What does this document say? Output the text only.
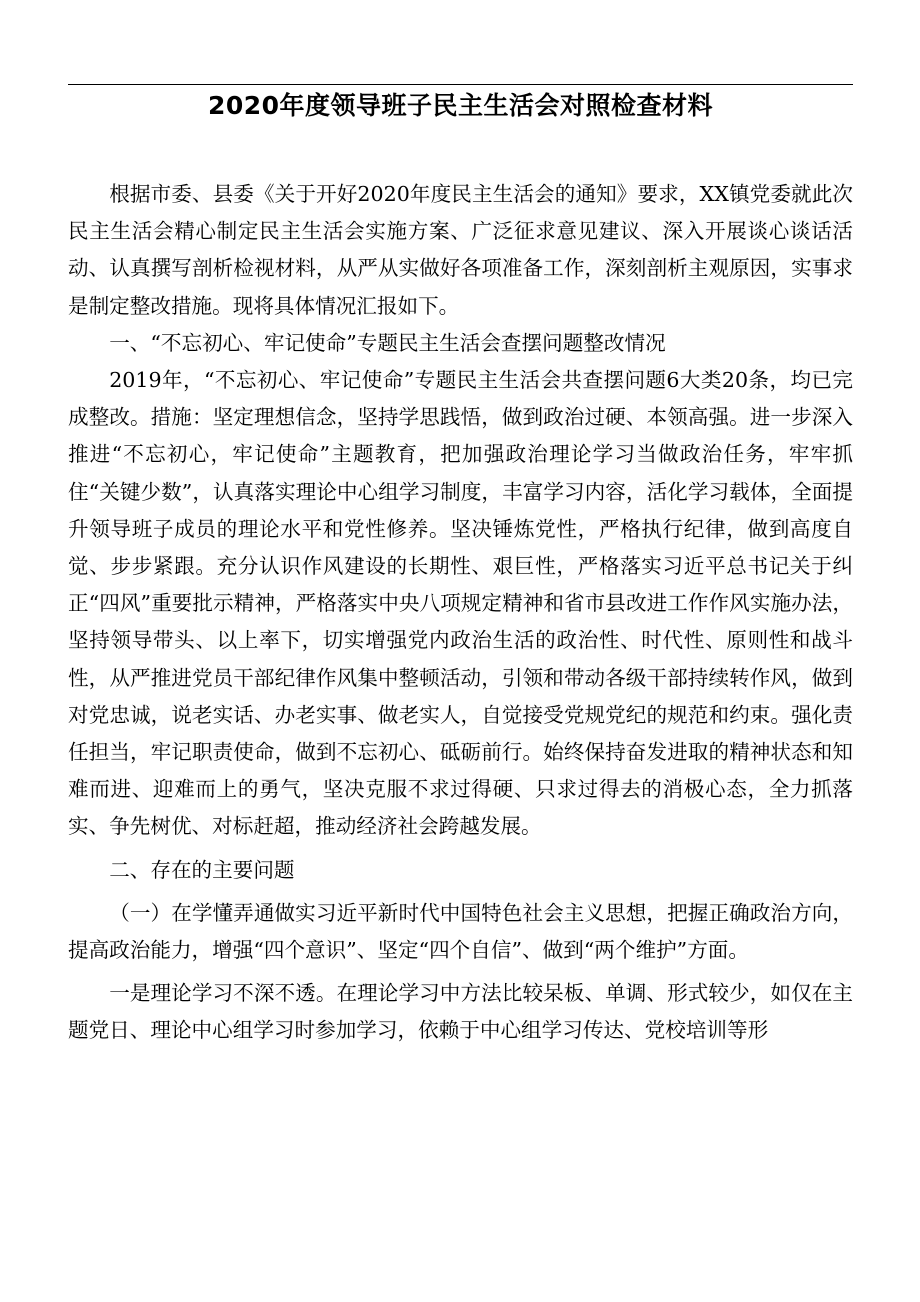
2020年度领导班子民主生活会对照检查材料

根据市委、县委《关于开好2020年度民主生活会的通知》要求，XX镇党委就此次民主生活会精心制定民主生活会实施方案、广泛征求意见建议、深入开展谈心谈话活动、认真撰写剖析检视材料，从严从实做好各项准备工作，深刻剖析主观原因，实事求是制定整改措施。现将具体情况汇报如下。

一、“不忘初心、牢记使命”专题民主生活会查摆问题整改情况

2019年，“不忘初心、牢记使命”专题民主生活会共查摆问题6大类20条，均已完成整改。措施：坚定理想信念，坚持学思践悟，做到政治过硬、本领高强。进一步深入推进“不忘初心，牢记使命”主题教育，把加强政治理论学习当做政治任务，牢牢抓住“关键少数”，认真落实理论中心组学习制度，丰富学习内容，活化学习载体，全面提升领导班子成员的理论水平和党性修养。坚决锤炼党性，严格执行纪律，做到高度自觉、步步紧跟。充分认识作风建设的长期性、艰巨性，严格落实习近平总书记关于纠正“四风”重要批示精神，严格落实中央八项规定精神和省市县改进工作作风实施办法，坚持领导带头、以上率下，切实增强党内政治生活的政治性、时代性、原则性和战斗性，从严推进党员干部纪律作风集中整顿活动，引领和带动各级干部持续转作风，做到对党忠诚，说老实话、办老实事、做老实人，自觉接受党规党纪的规范和约束。强化责任担当，牢记职责使命，做到不忘初心、砥砺前行。始终保持奋发进取的精神状态和知难而进、迎难而上的勇气，坚决克服不求过得硬、只求过得去的消极心态，全力抓落实、争先树优、对标赶超，推动经济社会跨越发展。

二、存在的主要问题

（一）在学懂弄通做实习近平新时代中国特色社会主义思想，把握正确政治方向，提高政治能力，增强“四个意识”、坚定“四个自信”、做到“两个维护”方面。

一是理论学习不深不透。在理论学习中方法比较呆板、单调、形式较少，如仅在主题党日、理论中心组学习时参加学习，依赖于中心组学习传达、党校培训等形
